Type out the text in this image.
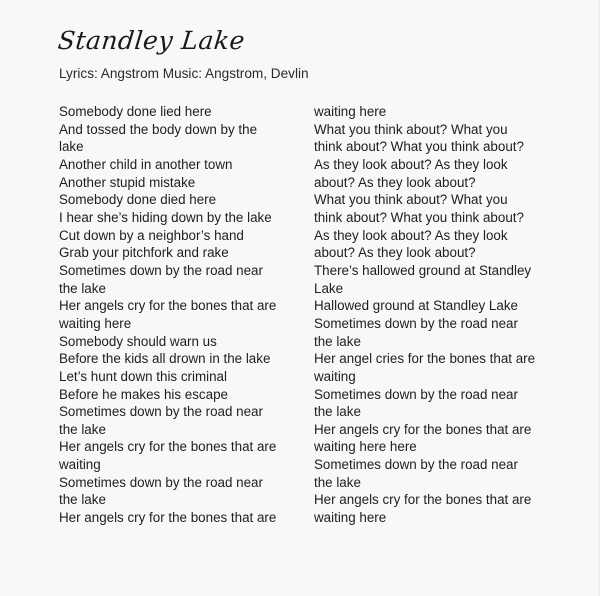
Standley Lake
Lyrics: Angstrom Music: Angstrom, Devlin
Somebody done lied here
And tossed the body down by the
lake
Another child in another town
Another stupid mistake
Somebody done died here
I hear she’s hiding down by the lake
Cut down by a neighbor’s hand
Grab your pitchfork and rake
Sometimes down by the road near
the lake
Her angels cry for the bones that are
waiting here
Somebody should warn us
Before the kids all drown in the lake
Let’s hunt down this criminal
Before he makes his escape
Sometimes down by the road near
the lake
Her angels cry for the bones that are
waiting
Sometimes down by the road near
the lake
Her angels cry for the bones that are
waiting here
What you think about? What you
think about? What you think about?
As they look about? As they look
about? As they look about?
What you think about? What you
think about? What you think about?
As they look about? As they look
about? As they look about?
There’s hallowed ground at Standley
Lake
Hallowed ground at Standley Lake
Sometimes down by the road near
the lake
Her angel cries for the bones that are
waiting
Sometimes down by the road near
the lake
Her angels cry for the bones that are
waiting here here
Sometimes down by the road near
the lake
Her angels cry for the bones that are
waiting here
